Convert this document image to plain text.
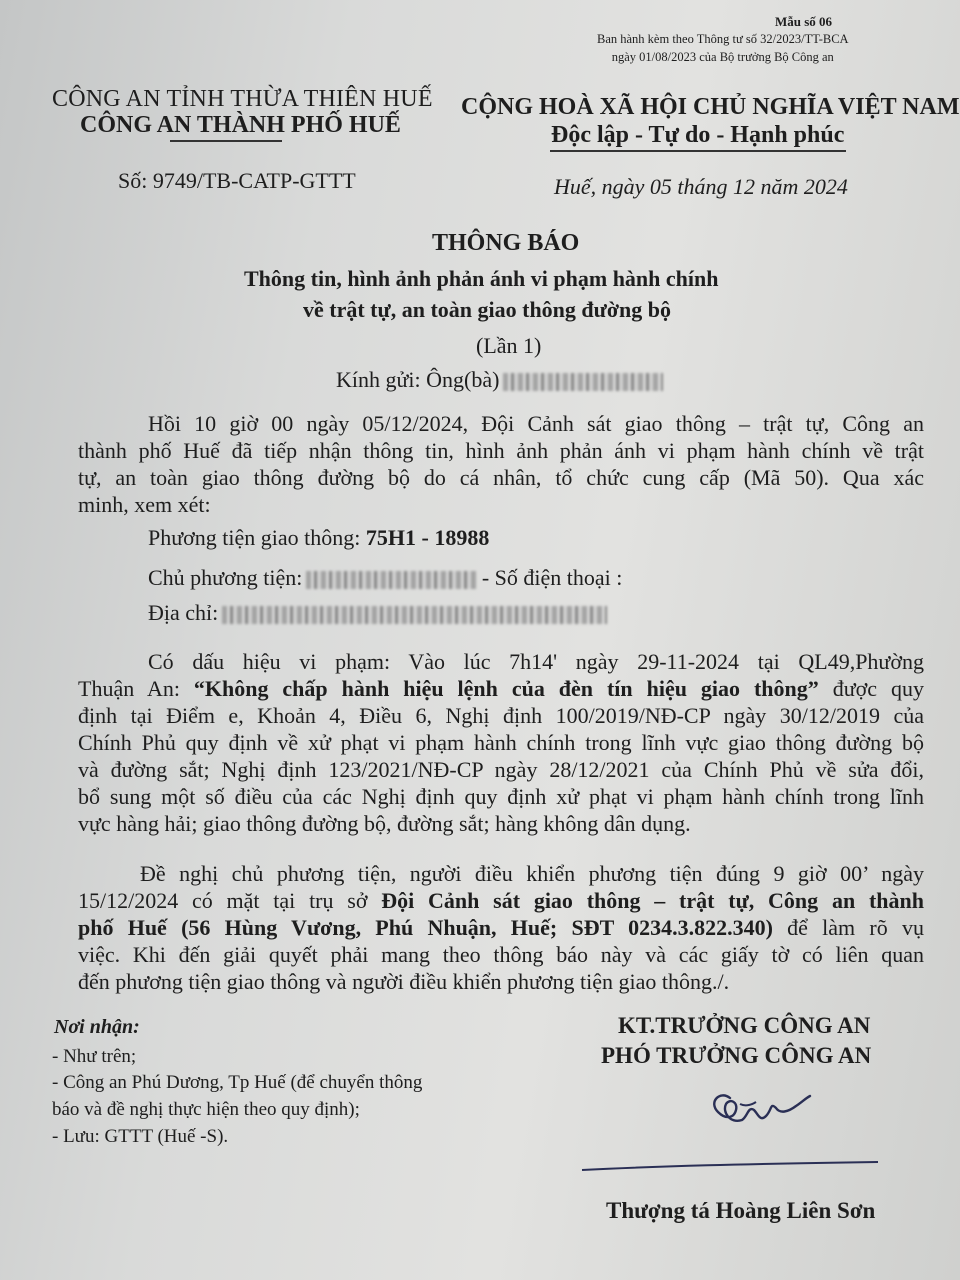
Mẫu số 06
Ban hành kèm theo Thông tư số 32/2023/TT-BCA
ngày 01/08/2023 của Bộ trưởng Bộ Công an
CÔNG AN TỈNH THỪA THIÊN HUẾ
CÔNG AN THÀNH PHỐ HUẾ
CỘNG HOÀ XÃ HỘI CHỦ NGHĨA VIỆT NAM
Độc lập - Tự do - Hạnh phúc
Số: 9749/TB-CATP-GTTT	Huế, ngày 05 tháng 12 năm 2024
THÔNG BÁO
Thông tin, hình ảnh phản ánh vi phạm hành chính
về trật tự, an toàn giao thông đường bộ
(Lần 1)
Kính gửi: Ông(bà)
Hồi 10 giờ 00 ngày 05/12/2024, Đội Cảnh sát giao thông – trật tự, Công an
thành phố Huế đã tiếp nhận thông tin, hình ảnh phản ánh vi phạm hành chính về trật
tự, an toàn giao thông đường bộ do cá nhân, tổ chức cung cấp (Mã 50). Qua xác
minh, xem xét:
Phương tiện giao thông: 75H1 - 18988
Chủ phương tiện:	- Số điện thoại :
Địa chỉ:
Có dấu hiệu vi phạm: Vào lúc 7h14' ngày 29-11-2024 tại QL49,Phường
Thuận An: “Không chấp hành hiệu lệnh của đèn tín hiệu giao thông” được quy
định tại Điểm e, Khoản 4, Điều 6, Nghị định 100/2019/NĐ-CP ngày 30/12/2019 của
Chính Phủ quy định về xử phạt vi phạm hành chính trong lĩnh vực giao thông đường bộ
và đường sắt; Nghị định 123/2021/NĐ-CP ngày 28/12/2021 của Chính Phủ về sửa đổi,
bổ sung một số điều của các Nghị định quy định xử phạt vi phạm hành chính trong lĩnh
vực hàng hải; giao thông đường bộ, đường sắt; hàng không dân dụng.
Đề nghị chủ phương tiện, người điều khiển phương tiện đúng 9 giờ 00’ ngày
15/12/2024 có mặt tại trụ sở Đội Cảnh sát giao thông – trật tự, Công an thành
phố Huế (56 Hùng Vương, Phú Nhuận, Huế; SĐT 0234.3.822.340) để làm rõ vụ
việc. Khi đến giải quyết phải mang theo thông báo này và các giấy tờ có liên quan
đến phương tiện giao thông và người điều khiển phương tiện giao thông./.
Nơi nhận:
- Như trên;
- Công an Phú Dương, Tp Huế (để chuyển thông
báo và đề nghị thực hiện theo quy định);
- Lưu: GTTT (Huế -S).
KT.TRƯỞNG CÔNG AN
PHÓ TRƯỞNG CÔNG AN
Thượng tá Hoàng Liên Sơn
